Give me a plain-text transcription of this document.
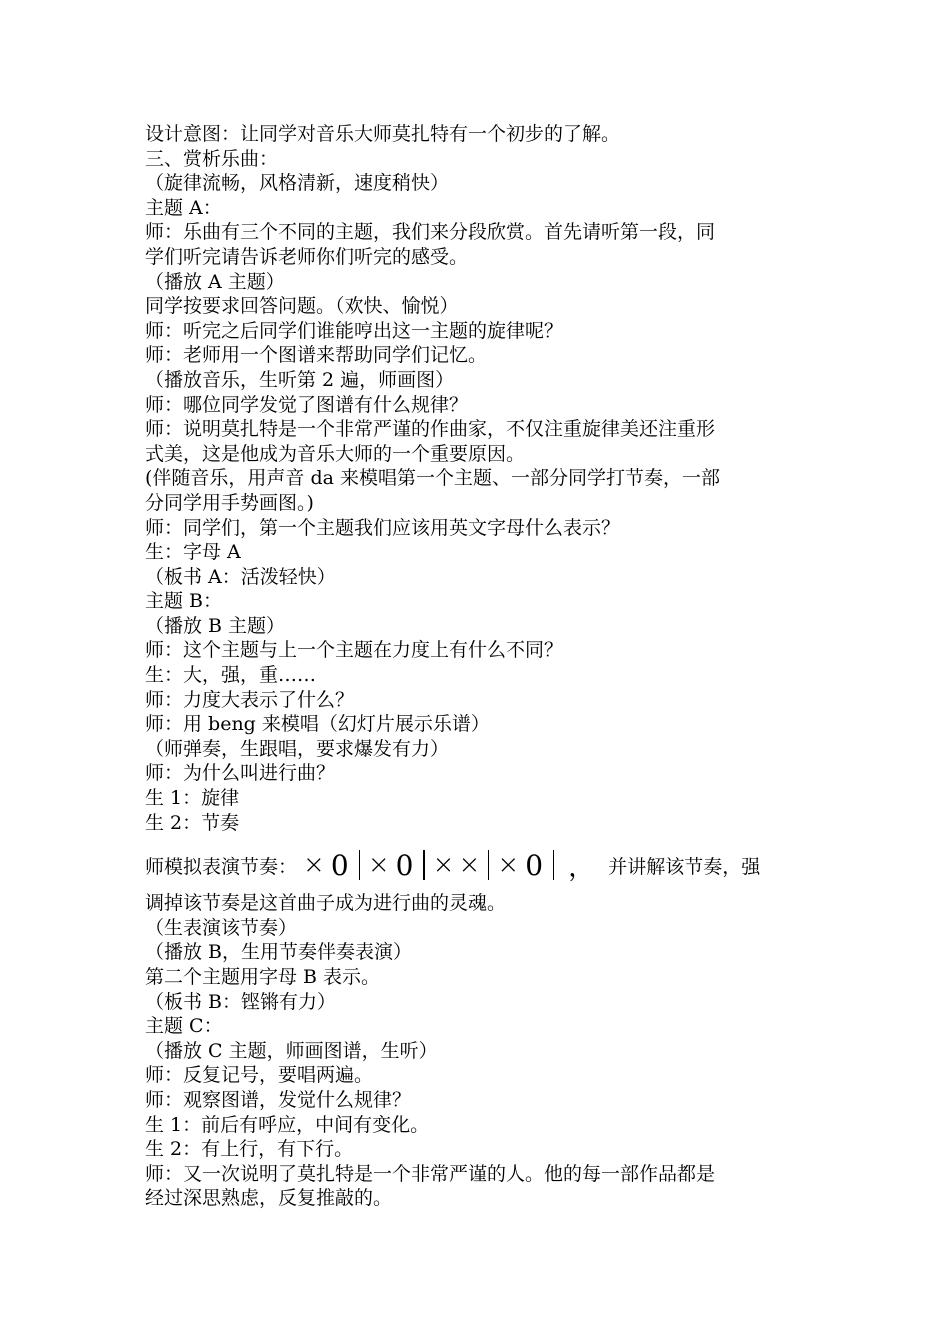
设计意图：让同学对音乐大师莫扎特有一个初步的了解。

三、赏析乐曲：

（旋律流畅，风格清新，速度稍快）

主题 A：

师：乐曲有三个不同的主题，我们来分段欣赏。首先请听第一段，同

学们听完请告诉老师你们听完的感受。

（播放 A 主题）

同学按要求回答问题。（欢快、愉悦）

师：听完之后同学们谁能哼出这一主题的旋律呢？

师：老师用一个图谱来帮助同学们记忆。

（播放音乐，生听第 2 遍，师画图）

师：哪位同学发觉了图谱有什么规律？

师：说明莫扎特是一个非常严谨的作曲家，不仅注重旋律美还注重形

式美，这是他成为音乐大师的一个重要原因。

(伴随音乐，用声音 da 来模唱第一个主题、一部分同学打节奏，一部

分同学用手势画图。)

师：同学们，第一个主题我们应该用英文字母什么表示？

生：字母 A

（板书 A：活泼轻快）

主题 B：

（播放 B 主题）

师：这个主题与上一个主题在力度上有什么不同？

生：大，强，重……

师：力度大表示了什么？

师：用 beng 来模唱（幻灯片展示乐谱）

（师弹奏，生跟唱，要求爆发有力）

师：为什么叫进行曲？

生 1：旋律

生 2：节奏

师模拟表演节奏： × 0 × 0 × × × 0 ， 并讲解该节奏，强

调掉该节奏是这首曲子成为进行曲的灵魂。

（生表演该节奏）

（播放 B，生用节奏伴奏表演）

第二个主题用字母 B 表示。

（板书 B：铿锵有力）

主题 C：

（播放 C 主题，师画图谱，生听）

师：反复记号，要唱两遍。

师：观察图谱，发觉什么规律？

生 1：前后有呼应，中间有变化。

生 2：有上行，有下行。

师：又一次说明了莫扎特是一个非常严谨的人。他的每一部作品都是

经过深思熟虑，反复推敲的。
